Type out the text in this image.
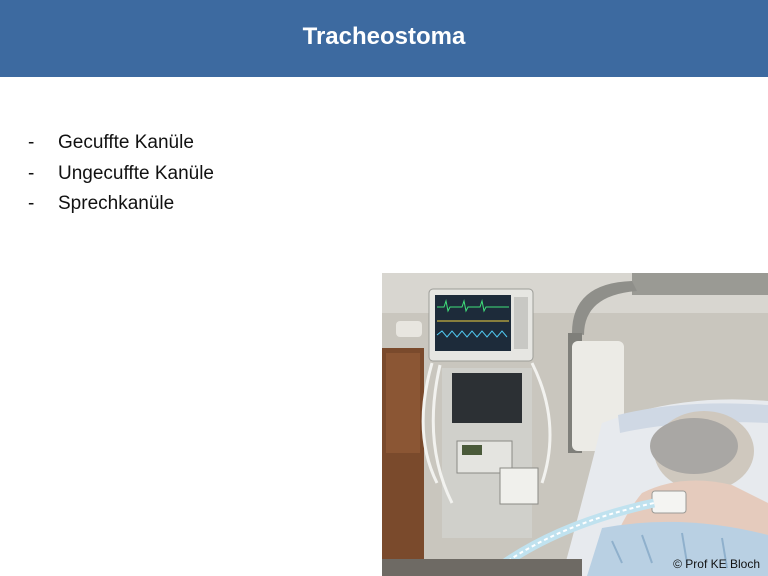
Tracheostoma
-	Gecuffte Kanüle
-	Ungecuffte Kanüle
-	Sprechkanüle
© Prof KE Bloch
